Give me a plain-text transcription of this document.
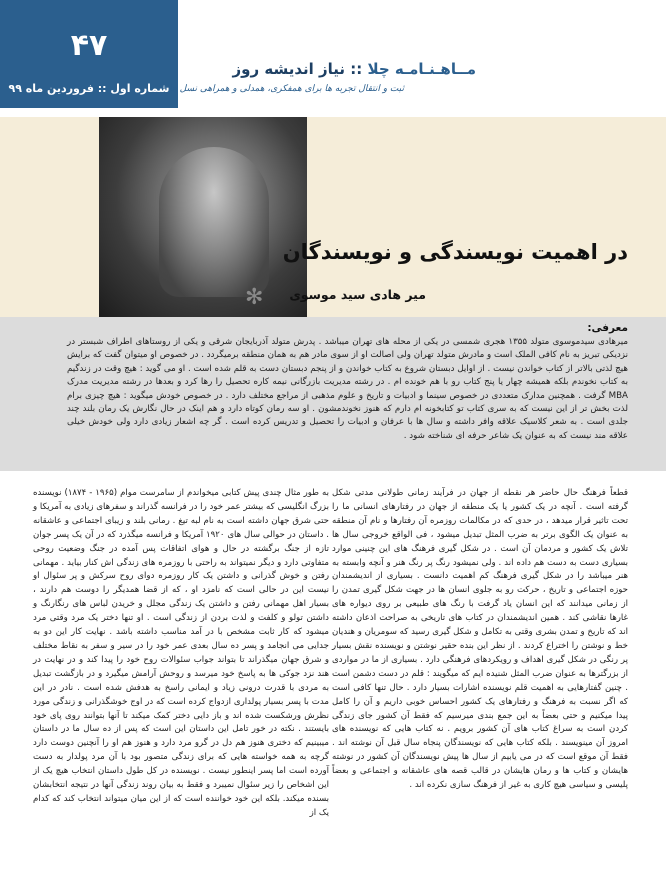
۴۷
شماره اول :: فروردین ماه ۹۹
مــاهـنـامـه چلا :: نیاز اندیشه روز
ثبت و انتقال تجربه ها برای همفکری، همدلی و همراهی نسل ها
✻
در اهمیت نویسندگی و نویسندگان
میر هادی سید موسوی
معرفی:
میرهادی سیدموسوی متولد ۱۳۵۵ هجری شمسی در یکی از محله های تهران میباشد . پدرش متولد آذربایجان شرقی و یکی از روستاهای اطراف شبستر در نزدیکی تبریز به نام کافی الملک است و مادرش متولد تهران ولی اصالت او از سوی مادر هم به همان منطقه برمیگردد . در خصوص او میتوان گفت که برایش هیچ لذتی بالاتر از کتاب خواندن نیست . از اوایل دبستان شروع به کتاب خواندن و از پنجم دبستان دست به قلم شده است . او می گوید : هیچ وقت در زندگیم به کتاب نخوندم بلکه همیشه چهار یا پنج کتاب رو با هم خونده ام . در رشته مدیریت بازرگانی نیمه کاره تحصیل را رها کرد و بعدها در رشته مدیریت مدرک MBA گرفت . همچنین مدارک متعددی در خصوص سینما و ادبیات و تاریخ و علوم مذهبی از مراجع مختلف دارد . در خصوص خودش میگوید : هیچ چیزی برام لذت بخش تر از این نیست که به سری کتاب تو کتابخونه ام دارم که هنوز نخوندمشون . او سه رمان کوتاه دارد و هم اینک در حال نگارش یک رمان بلند چند جلدی است . به شعر کلاسیک علاقه وافر داشته و سال ها با عرفان و ادبیات را تحصیل و تدریس کرده است . گر چه اشعار زیادی دارد ولی خودش خیلی علاقه مند نیست که به عنوان یک شاعر حرفه ای شناخته شود .

قطعاً فرهنگ حال حاضر هر نقطه از جهان در فرآیند زمانی طولانی مدتی شکل گرفته است . آنچه در یک کشور یا یک منطقه از جهان در رفتارهای انسانی ما را تحت تاثیر قرار میدهد ، در حدی که در مکالمات روزمره آن رفتارها و نام آن منطقه به عنوان یک الگوی برتر به ضرب المثل تبدیل میشود ، فی الواقع خروجی سال ها تلاش یک کشور و مردمان آن است . در شکل گیری فرهنگ های این چنینی موارد بسیاری دست به دست هم داده اند . ولی نمیشود رنگ پر رنگ هنر و آنچه وابسته به هنر میباشد را در شکل گیری فرهنگ کم اهمیت دانست . بسیاری از اندیشمندان حوزه اجتماعی و تاریخ ، حرکت رو به جلوی انسان ها در جهت شکل گیری تمدن را از زمانی میدانند که این انسان یاد گرفت با رنگ های طبیعی بر روی دیواره های غارها نقاشی کند . همین اندیشمندان در کتاب های تاریخی به صراحت اذعان داشته اند که تاریخ و تمدن بشری وقتی به تکامل و شکل گیری رسید که سومریان و هندیان خط و نوشتن را اختراع کردند . از نظر این بنده حقیر نوشتن و نویسنده نقش بسیار پر رنگی در شکل گیری اهداف و رویکردهای فرهنگی دارد . بسیاری از ما در مواردی از بزرگترها به عنوان ضرب المثل شنیده ایم که میگویند : قلم در دست دشمن است . چنین گفتارهایی به اهمیت قلم نویسنده اشارات بسیار دارد . حال تنها کافی است که اگر نسبت به فرهنگ و رفتارهای یک کشور احساس خوبی داریم و آن را کامل پیدا میکنیم و حتی بعضاً به این جمع بندی میرسیم که فقط آن کشور جای زندگی کردن است به سراغ کتاب های آن کشور برویم . نه کتاب هایی که نویسنده های امروز آن مینویسند . بلکه کتاب هایی که نویسندگان پنجاه سال قبل آن نوشته اند . فقط آن موقع است که در می یابیم از سال ها پیش نویسندگان آن کشور در نوشته هایشان و کتاب ها و رمان هایشان در قالب قصه های عاشقانه و اجتماعی و بعضاً پلیسی و سیاسی هیچ کاری به غیر از فرهنگ سازی نکرده اند .

به طور مثال چندی پیش کتابی میخواندم از سامرست موام (۱۹۶۵ - ۱۸۷۴) نویسنده بزرگ انگلیسی که بیشتر عمر خود را در فرانسه گذراند و سفرهای زیادی به آمریکا و حتی شرق جهان داشته است به نام لبه تیغ . رمانی بلند و زیبای اجتماعی و عاشقانه . داستان در حوالی سال های ۱۹۲۰ آمریکا و فرانسه میگذرد که در آن یک پسر جوان تازه از جنگ برگشته در حال و هوای اتفاقات پس آمده در جنگ وضعیت روحی متفاوتی دارد و دیگر نمیتواند به راحتی با روزمره های زندگی اش کنار بیاید . مهمانی رفتن و خوش گذرانی و داشتن یک کار روزمره دوای روح سرکش و پر سئوال او نیست این در حالی است که نامزد او ، که از قضا همدیگر را دوست هم دارند ، بسیار اهل مهمانی رفتن و داشتن یک زندگی مجلل و خریدن لباس های رنگارنگ و داشتن تولو و کلفت و لذت بردن از زندگی است . او تنها دختر یک مرد وقتی مرد میشود که کار ثابت مشخص با در آمد مناسب داشته باشد . نهایت کار این دو به جدایی می انجامد و پسر ده سال بعدی عمر خود را در سیر و سفر به نقاط مختلف و شرق جهان میگذراند تا بتواند جواب سئوالات روح خود را پیدا کند و در نهایت در هند نزد جوکی ها به پاسخ خود میرسد و روحش آرامش میگیرد و در بازگشت تبدیل به مردی با قدرت درونی زیاد و ایمانی راسخ به هدفش شده است . نادر در این مدت با پسر بسیار پولداری ازدواج کرده است که در اوج خوشگذرانی و زندگی مورد نظرش ورشکست شده اند و باز دایی دختر کمک میکند تا آنها بتوانند روی پای خود بایستند . نکته در خور تامل این داستان این است که پس از ده سال ما در داستان میبینیم که دختری هنوز هم دل در گرو مرد دارد و هنوز هم او را آنچنین دوست دارد گرچه به همه خواسته هایی که برای زندگی متصور بود با آن مرد پولدار به دست آورده است اما پسر اینطور نیست . نویسنده در کل طول داستان انتخاب هیچ یک از این اشخاص را زیر سئوال نمیبرد و فقط به بیان روند زندگی آنها در نتیجه انتخابشان بسنده میکند. بلکه این خود خواننده است که از این میان میتواند انتخاب کند که کدام یک از
